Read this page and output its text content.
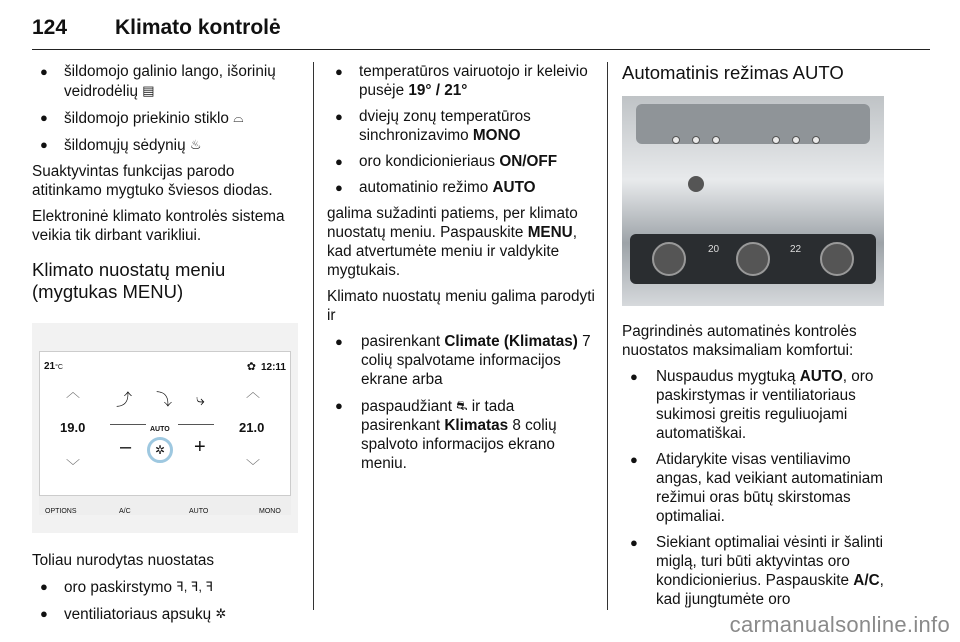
124 Klimato kontrolė
● šildomojo galinio lango, išorinių veidrodėlių ▤
● šildomojo priekinio stiklo ⌓
● šildomųjų sėdynių ♨

Suaktyvintas funkcijas parodo atitinkamo mygtuko šviesos diodas.

Elektroninė klimato kontrolės sistema veikia tik dirbant varikliui.

Klimato nuostatų meniu (mygtukas MENU)
21°C	✿ 12:11
︿	︿
19.0	21.0
﹀	﹀
⤴ ⤵ ⤷
AUTO
–	✲	+
OPTIONS	A/C	AUTO	MONO

Toliau nurodytas nuostatas

● oro paskirstymo ꟻ, ꟻ, ꟻ
● ventiliatoriaus apsukų ✲
● temperatūros vairuotojo ir keleivio pusėje 19° / 21°
● dviejų zonų temperatūros sinchronizavimo MONO
● oro kondicionieriaus ON/OFF
● automatinio režimo AUTO

galima sužadinti patiems, per klimato nuostatų meniu. Paspauskite MENU, kad atvertumėte meniu ir valdykite mygtukais.

Klimato nuostatų meniu galima parodyti ir

● pasirenkant Climate (Klimatas) 7 colių spalvotame informacijos ekrane arba
● paspaudžiant ⛐ ir tada pasirenkant Klimatas 8 colių spalvoto informacijos ekrano meniu.
Automatinis režimas AUTO
20	22

Pagrindinės automatinės kontrolės nuostatos maksimaliam komfortui:

● Nuspaudus mygtuką AUTO, oro paskirstymas ir ventiliatoriaus sukimosi greitis reguliuojami automatiškai.
● Atidarykite visas ventiliavimo angas, kad veikiant automatiniam režimui oras būtų skirstomas optimaliai.
● Siekiant optimaliai vėsinti ir šalinti miglą, turi būti aktyvintas oro kondicionierius. Paspauskite A/C, kad įjungtumėte oro
carmanualsonline.info
